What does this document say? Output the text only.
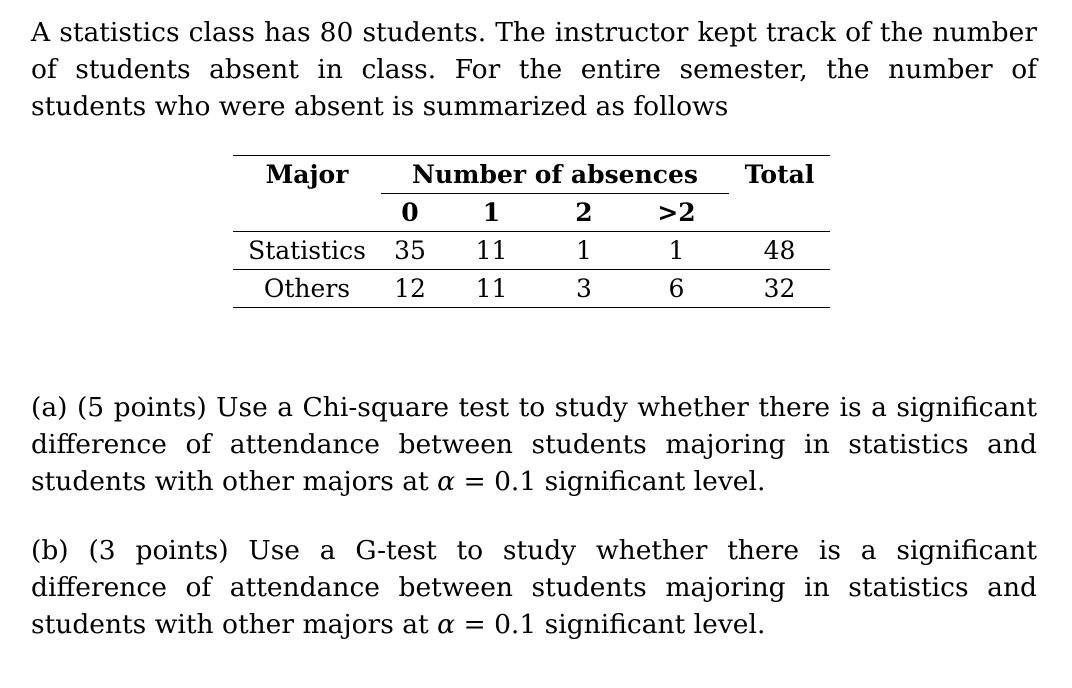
A statistics class has 80 students. The instructor kept track of the number of students absent in class. For the entire semester, the number of students who were absent is summarized as follows

Major	Number of absences				Total
	0	1	2	>2	
Statistics	35	11	1	1	48
Others	12	11	3	6	32

(a) (5 points) Use a Chi-square test to study whether there is a significant difference of attendance between students majoring in statistics and students with other majors at α = 0.1 significant level.

(b) (3 points) Use a G-test to study whether there is a significant difference of attendance between students majoring in statistics and students with other majors at α = 0.1 significant level.
